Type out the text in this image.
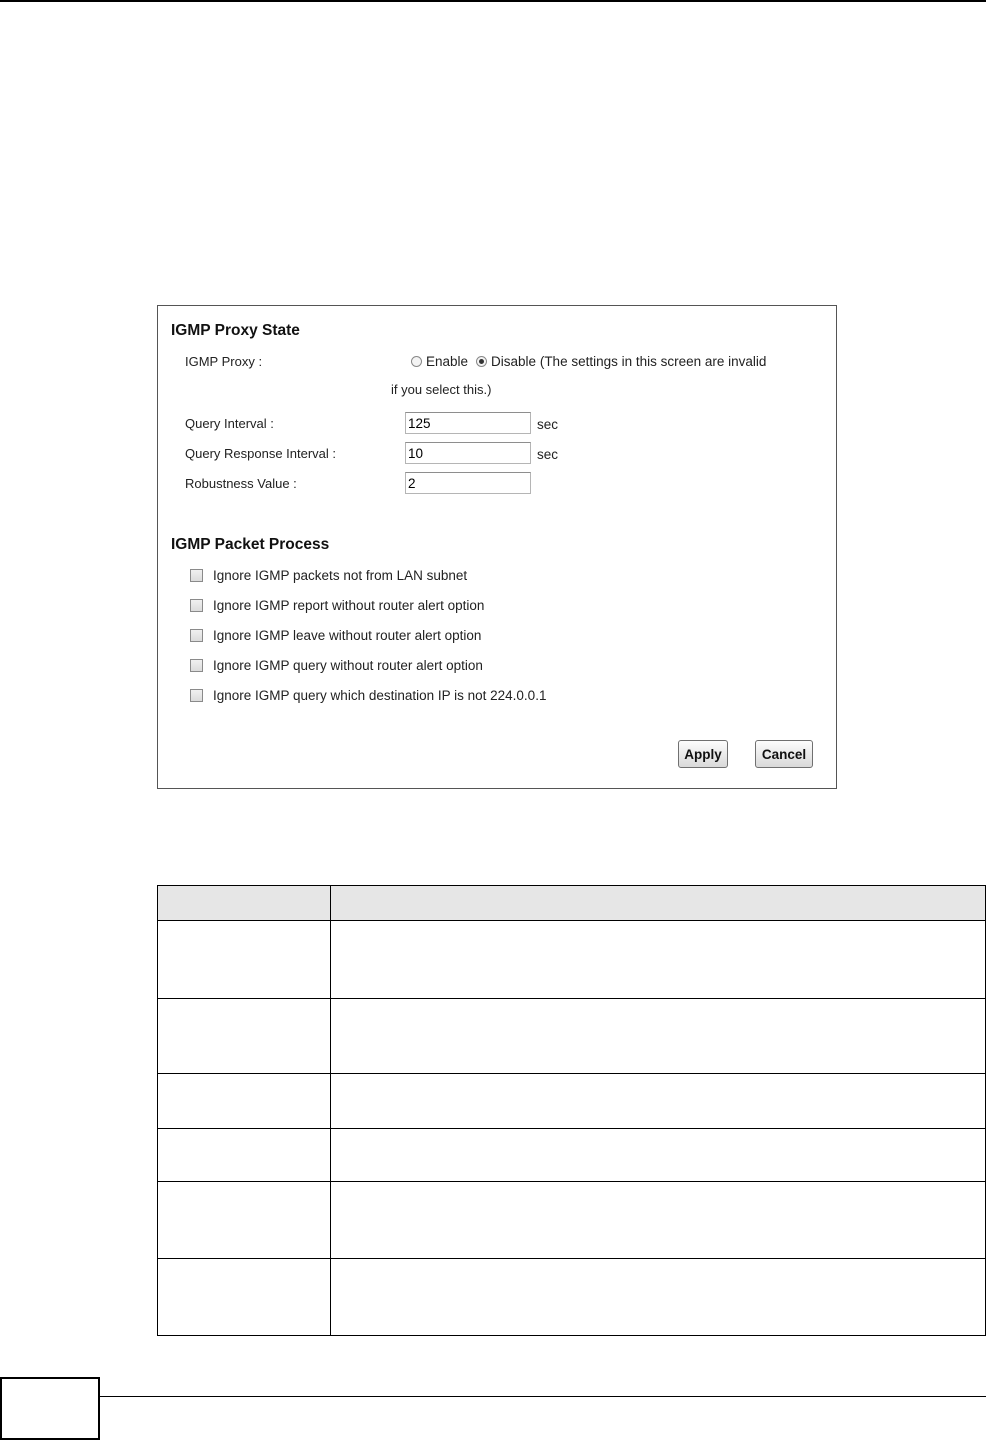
IGMP Proxy State
IGMP Proxy :	Enable Disable (The settings in this screen are invalid
if you select this.)
Query Interval :
125	sec
Query Response Interval :
10	sec
Robustness Value :
2
IGMP Packet Process
Ignore IGMP packets not from LAN subnet
Ignore IGMP report without router alert option
Ignore IGMP leave without router alert option
Ignore IGMP query without router alert option
Ignore IGMP query which destination IP is not 224.0.0.1
Apply	Cancel
